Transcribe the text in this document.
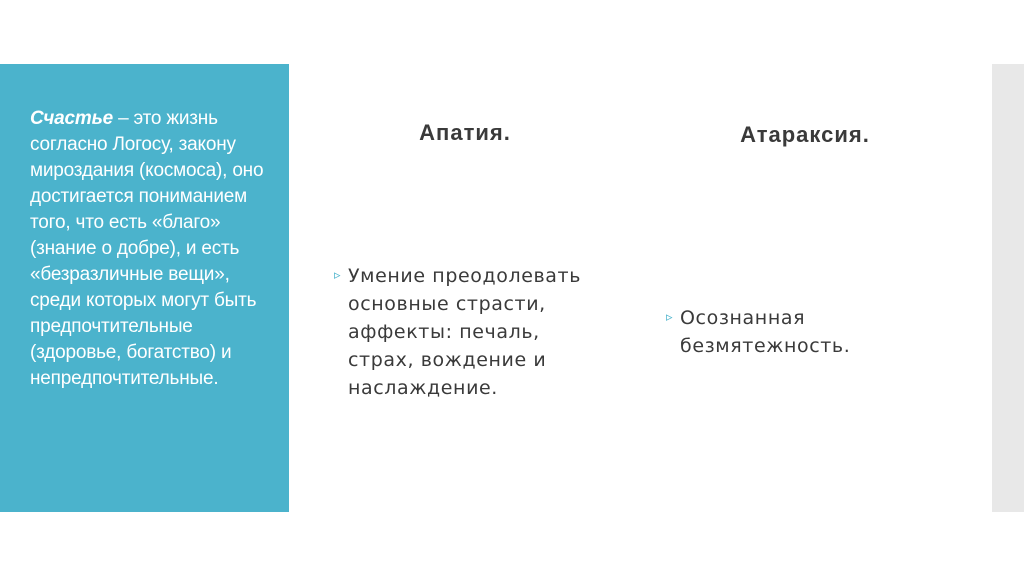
Счастье – это жизнь согласно Логосу, закону мироздания (космоса), оно достигается пониманием того, что есть «благо» (знание о добре), и есть «безразличные вещи», среди которых могут быть предпочтительные (здоровье, богатство) и непредпочтительные.
Апатия.	Атараксия.
▹ Умение преодолевать основные страсти, аффекты: печаль, страх, вождение и наслаждение.
▹ Осознанная безмятежность.
